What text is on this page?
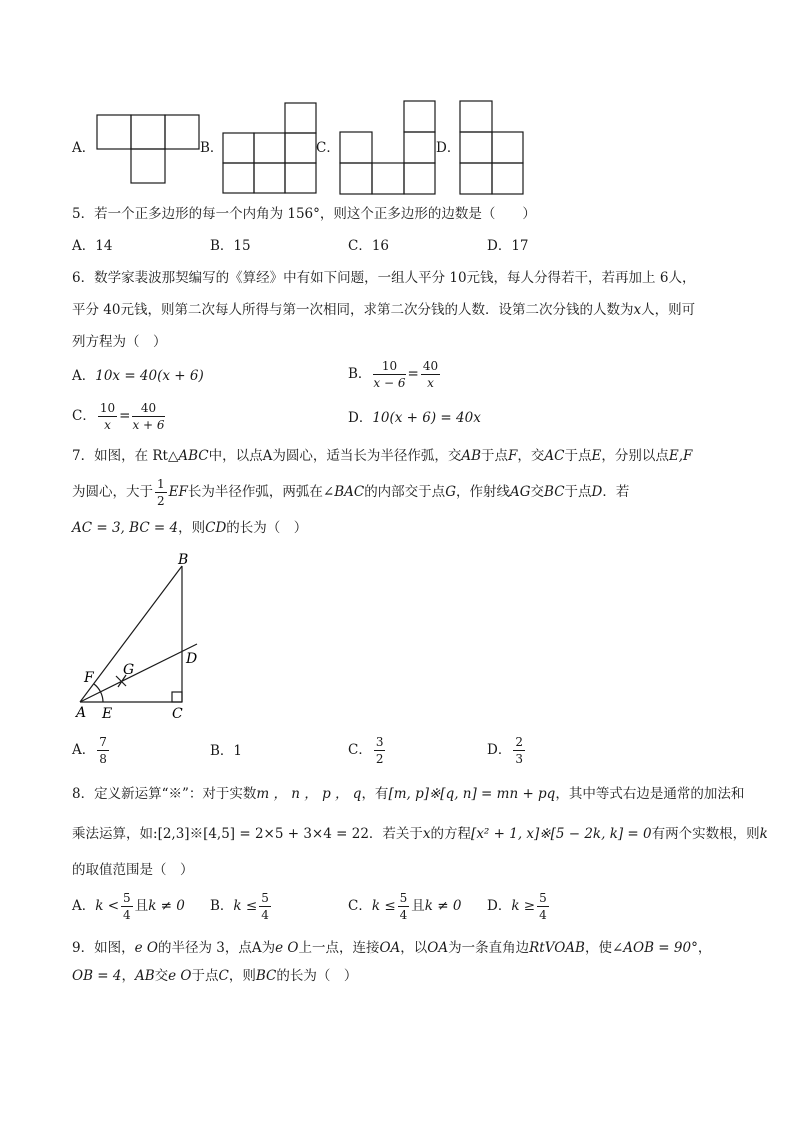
A．	B．	C．	D．
5．若一个正多边形的每一个内角为 156°，则这个正多边形的边数是（　　）
A．14	B．15	C．16	D．17
6．数学家裴波那契编写的《算经》中有如下问题，一组人平分 10元钱，每人分得若干，若再加上 6人，
平分 40元钱，则第二次每人所得与第一次相同，求第二次分钱的人数．设第二次分钱的人数为x人，则可
列方程为（　）
A．10x = 40(x + 6)	B． $\frac{10}{x - 6} = \frac{40}{x}$
C． $\frac{10}{x} = \frac{40}{x + 6}$	D．10(x + 6) = 40x
7．如图，在 Rt△ABC中，以点A为圆心，适当长为半径作弧，交AB于点F，交AC于点E，分别以点E,F
为圆心，大于 $\frac{1}{2}$ EF长为半径作弧，两弧在∠BAC的内部交于点G，作射线AG交BC于点D．若
AC = 3, BC = 4，则CD的长为（　）
A
B
C
D
E
F G
A． $\frac{7}{8}$	B．1	C． $\frac{3}{2}$	D． $\frac{2}{3}$
8．定义新运算“※”：对于实数m ， n ， p ， q，有[m, p]※[q, n] = mn + pq，其中等式右边是通常的加法和
乘法运算，如:[2,3]※[4,5] = 2×5 + 3×4 = 22．若关于x的方程[x² + 1, x]※[5 − 2k, k] = 0有两个实数根，则k
的取值范围是（　）
A．$k < \frac{5}{4}$ 且k ≠ 0 B．$k \le \frac{5}{4}$	C．$k \le \frac{5}{4}$ 且k ≠ 0 D．$k \ge \frac{5}{4}$
9．如图，e O的半径为 3，点A为e O上一点，连接OA，以OA为一条直角边RtVOAB，使∠AOB = 90°，
OB = 4，AB交e O于点C，则BC的长为（　）
